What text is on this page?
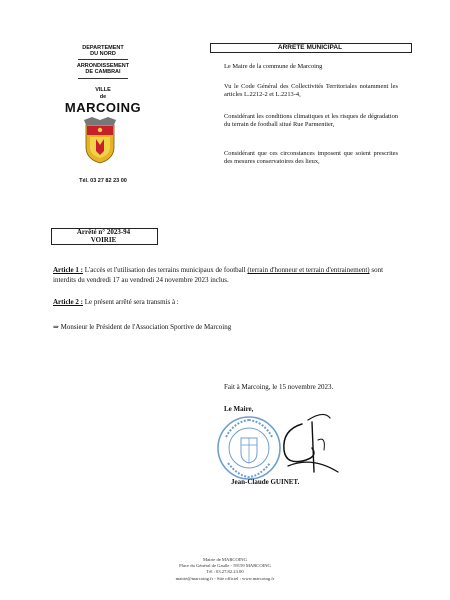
DEPARTEMENT
DU NORD
ARRONDISSEMENT
DE CAMBRAI
VILLE
de
MARCOING
Tél. 03 27 82 23 00
ARRETE MUNICIPAL
Le Maire de la commune de Marcoing
Vu le Code Général des Collectivités Territoriales notamment les articles L.2212-2 et L.2213-4,
Considérant les conditions climatiques et les risques de dégradation du terrain de football situé Rue Parmentier,
Considérant que ces circonstances imposent que soient prescrites des mesures conservatoires des lieux,
Arrêté n° 2023-94
VOIRIE
Article 1 : L'accès et l'utilisation des terrains municipaux de football (terrain d'honneur et terrain d'entrainement) sont interdits du vendredi 17 au vendredi 24 novembre 2023 inclus.
Article 2 : Le présent arrêté sera transmis à :
⇒ Monsieur le Président de l'Association Sportive de Marcoing
Fait à Marcoing, le 15 novembre 2023.
Le Maire,
Jean-Claude GUINET.
Mairie de MARCOING
Place du Général de Gaulle - 59159 MARCOING
Tél : 03.27.82.23.00
mairie@marcoing.fr - Site officiel : www.marcoing.fr
